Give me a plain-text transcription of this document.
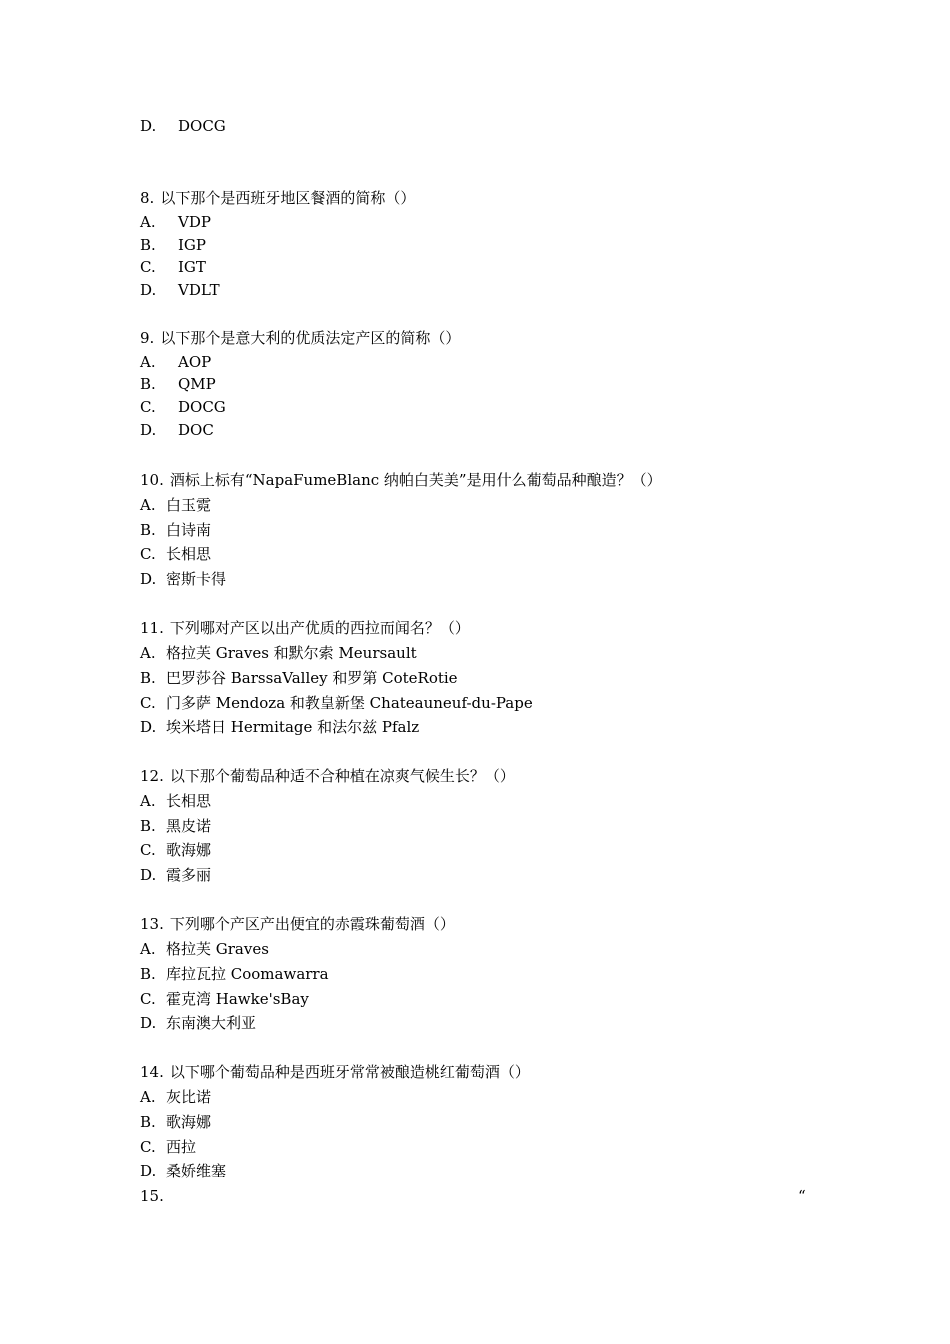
D. DOCG
8. 以下那个是西班牙地区餐酒的简称（）
A. VDP
B. IGP
C. IGT
D. VDLT
9. 以下那个是意大利的优质法定产区的简称（）
A. AOP
B. QMP
C. DOCG
D. DOC
10. 酒标上标有“NapaFumeBlanc 纳帕白芙美”是用什么葡萄品种酿造？（）
A. 白玉霓
B. 白诗南
C. 长相思
D. 密斯卡得
11. 下列哪对产区以出产优质的西拉而闻名？（）
A. 格拉芙 Graves 和默尔索 Meursault
B. 巴罗莎谷 BarssaValley 和罗第 CoteRotie
C. 门多萨 Mendoza 和教皇新堡 Chateauneuf-du-Pape
D. 埃米塔日 Hermitage 和法尔兹 Pfalz
12. 以下那个葡萄品种适不合种植在凉爽气候生长？（）
A. 长相思
B. 黑皮诺
C. 歌海娜
D. 霞多丽
13. 下列哪个产区产出便宜的赤霞珠葡萄酒（）
A. 格拉芙 Graves
B. 库拉瓦拉 Coomawarra
C. 霍克湾 Hawke'sBay
D. 东南澳大利亚
14. 以下哪个葡萄品种是西班牙常常被酿造桃红葡萄酒（）
A. 灰比诺
B. 歌海娜
C. 西拉
D. 桑娇维塞
15.	“
